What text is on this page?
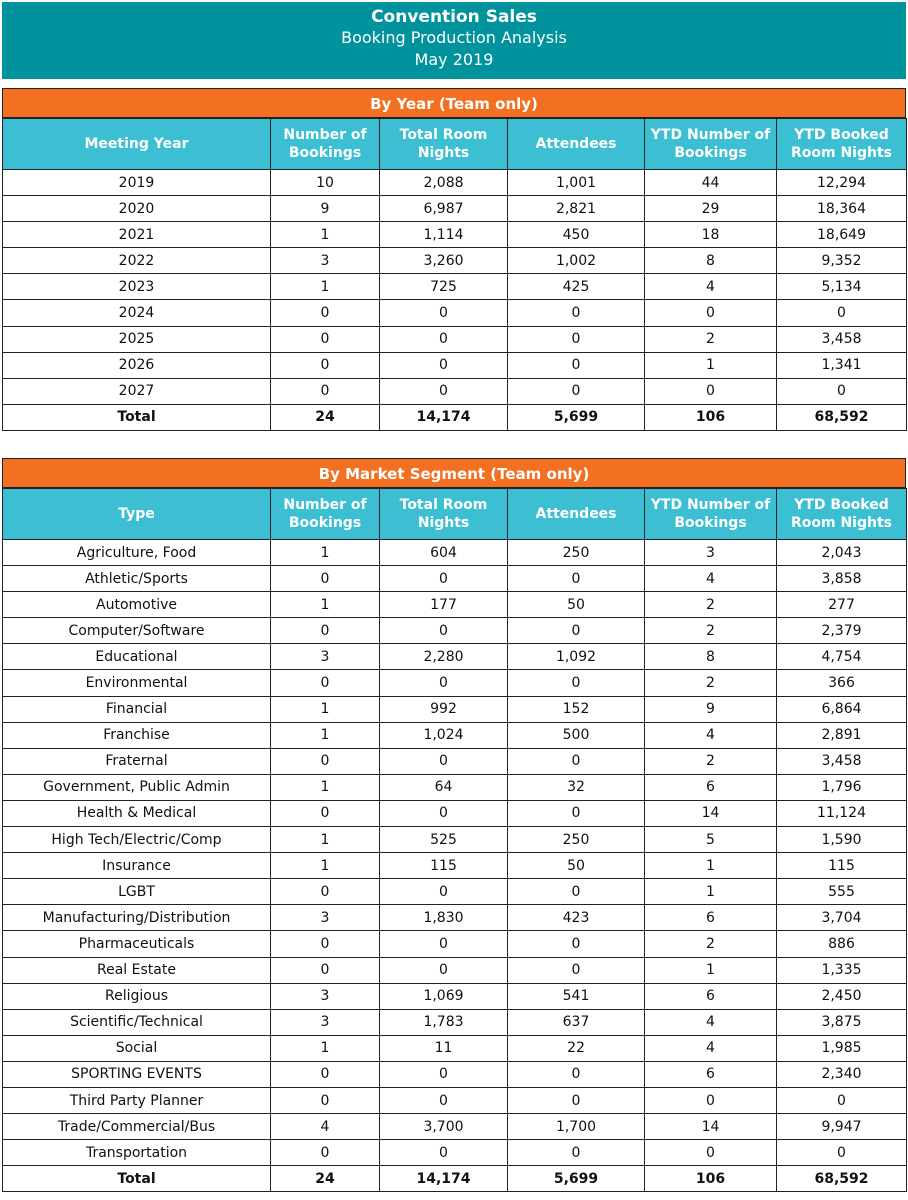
Convention Sales
Booking Production Analysis
May 2019
By Year (Team only)
Meeting Year	Number of Bookings	Total Room Nights	Attendees	YTD Number of Bookings	YTD Booked Room Nights
2019	10	2,088	1,001	44	12,294
2020	9	6,987	2,821	29	18,364
2021	1	1,114	450	18	18,649
2022	3	3,260	1,002	8	9,352
2023	1	725	425	4	5,134
2024	0	0	0	0	0
2025	0	0	0	2	3,458
2026	0	0	0	1	1,341
2027	0	0	0	0	0
Total	24	14,174	5,699	106	68,592
By Market Segment (Team only)
Type	Number of Bookings	Total Room Nights	Attendees	YTD Number of Bookings	YTD Booked Room Nights
Agriculture, Food	1	604	250	3	2,043
Athletic/Sports	0	0	0	4	3,858
Automotive	1	177	50	2	277
Computer/Software	0	0	0	2	2,379
Educational	3	2,280	1,092	8	4,754
Environmental	0	0	0	2	366
Financial	1	992	152	9	6,864
Franchise	1	1,024	500	4	2,891
Fraternal	0	0	0	2	3,458
Government, Public Admin	1	64	32	6	1,796
Health & Medical	0	0	0	14	11,124
High Tech/Electric/Comp	1	525	250	5	1,590
Insurance	1	115	50	1	115
LGBT	0	0	0	1	555
Manufacturing/Distribution	3	1,830	423	6	3,704
Pharmaceuticals	0	0	0	2	886
Real Estate	0	0	0	1	1,335
Religious	3	1,069	541	6	2,450
Scientific/Technical	3	1,783	637	4	3,875
Social	1	11	22	4	1,985
SPORTING EVENTS	0	0	0	6	2,340
Third Party Planner	0	0	0	0	0
Trade/Commercial/Bus	4	3,700	1,700	14	9,947
Transportation	0	0	0	0	0
Total	24	14,174	5,699	106	68,592
